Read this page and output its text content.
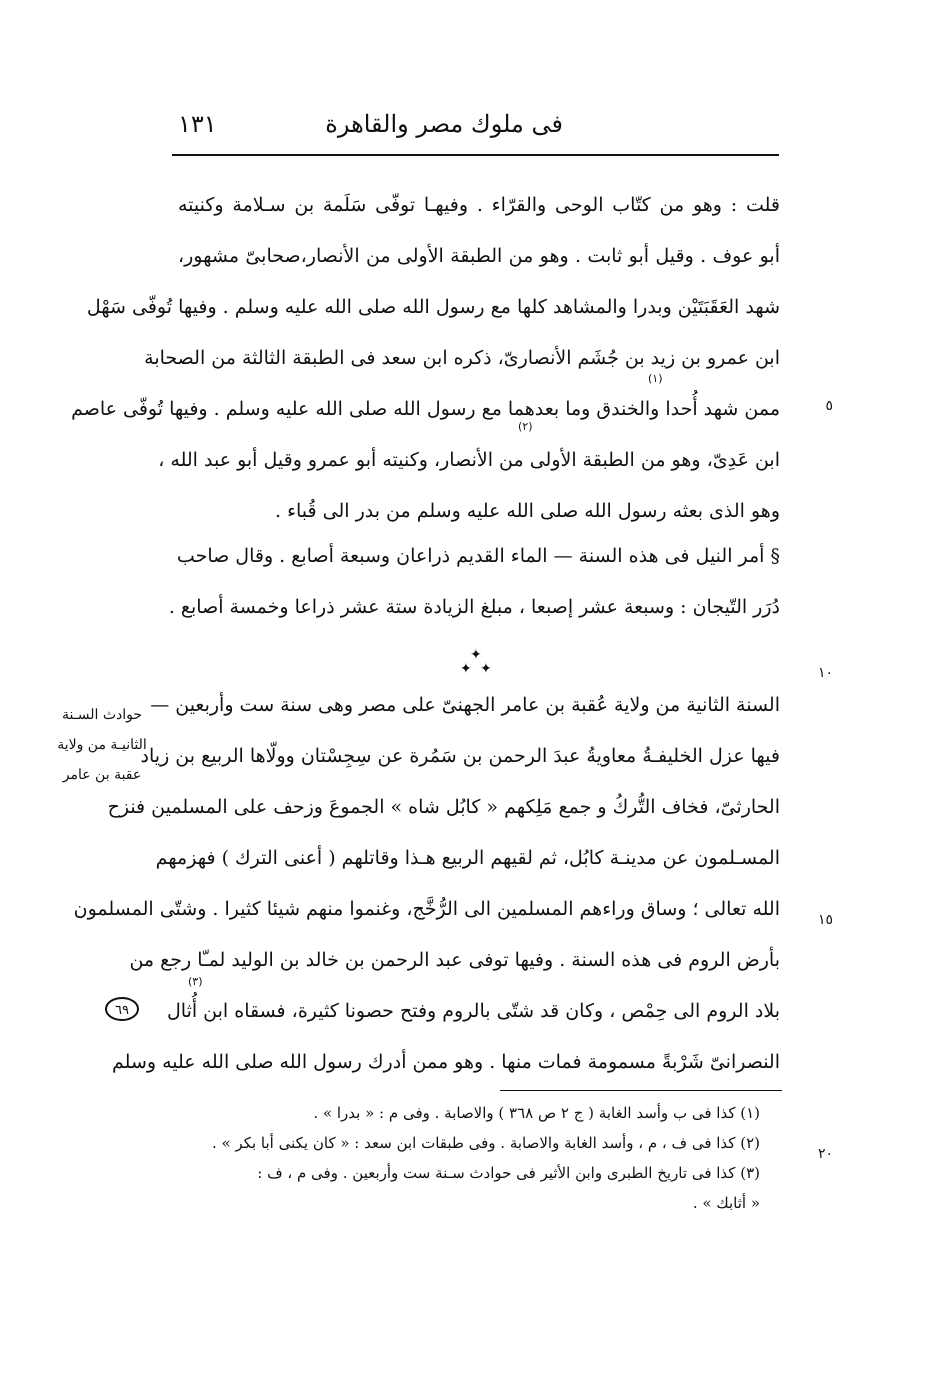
فى ملوك مصر والقاهرة
١٣١
قلت : وهو من كتّاب الوحى والقرّاء . وفيهـا توفّى سَلَمة بن سـلامة وكنيته
أبو عوف . وقيل أبو ثابت . وهو من الطبقة الأولى من الأنصار،صحابىّ مشهور،
شهد العَقَبَتَيْن وبدرا والمشاهد كلها مع رسول الله صلى الله عليه وسلم . وفيها تُوفّى سَهْل
ابن عمرو بن زيد بن جُشَم الأنصارىّ، ذكره ابن سعد فى الطبقة الثالثة من الصحابة
ممن شهد أُحدا والخندق وما بعدهما مع رسول الله صلى الله عليه وسلم . وفيها تُوفّى عاصم
ابن عَدِىّ، وهو من الطبقة الأولى من الأنصار، وكنيته أبو عمرو وقيل أبو عبد الله ،
وهو الذى بعثه رسول الله صلى الله عليه وسلم من بدر الى قُباء .
(١)
(٢)
(٣)
§ أمر النيل فى هذه السنة — الماء القديم ذراعان وسبعة أصابع . وقال صاحب
دُرَر التّيجان : وسبعة عشر إصبعا ، مبلغ الزيادة ستة عشر ذراعا وخمسة أصابع .
✦
✦ ✦
السنة الثانية من ولاية عُقبة بن عامر الجهنىّ على مصر وهى سنة ست وأربعين —
فيها عزل الخليفـةُ معاويةُ عبدَ الرحمن بن سَمُرة عن سِجِسْتان وولّاها الربيع بن زياد
الحارثىّ، فخاف التُّركُ و جمع مَلِكهم « كابُل شاه » الجموعَ وزحف على المسلمين فنزح
المسـلمون عن مدينـة كابُل، ثم لقيهم الربيع هـذا وقاتلهم ( أعنى الترك ) فهزمهم
الله تعالى ؛ وساق وراءهم المسلمين الى الرُّخَّج، وغنموا منهم شيئا كثيرا . وشتّى المسلمون
بأرض الروم فى هذه السنة . وفيها توفى عبد الرحمن بن خالد بن الوليد لمـّا رجع من
بلاد الروم الى حِمْص ، وكان قد شتّى بالروم وفتح حصونا كثيرة، فسقاه ابن أُثال
النصرانىّ شَرْبةً مسمومة فمات منها . وهو ممن أدرك رسول الله صلى الله عليه وسلم
٥
١٠
١٥
٢٠
حوادث السـنة
الثانيـة من ولاية
عقبة بن عامر
٦٩
(١) كذا فى ب وأسد الغابة ( ج ٢ ص ٣٦٨ ) والاصابة . وفى م : « بدرا » .
(٢) كذا فى ف ، م ، وأسد الغابة والاصابة . وفى طبقات ابن سعد : « كان يكنى أبا بكر » .
(٣) كذا فى تاريخ الطبرى وابن الأثير فى حوادث سـنة ست وأربعين . وفى م ، ف :
« أثابك » .
